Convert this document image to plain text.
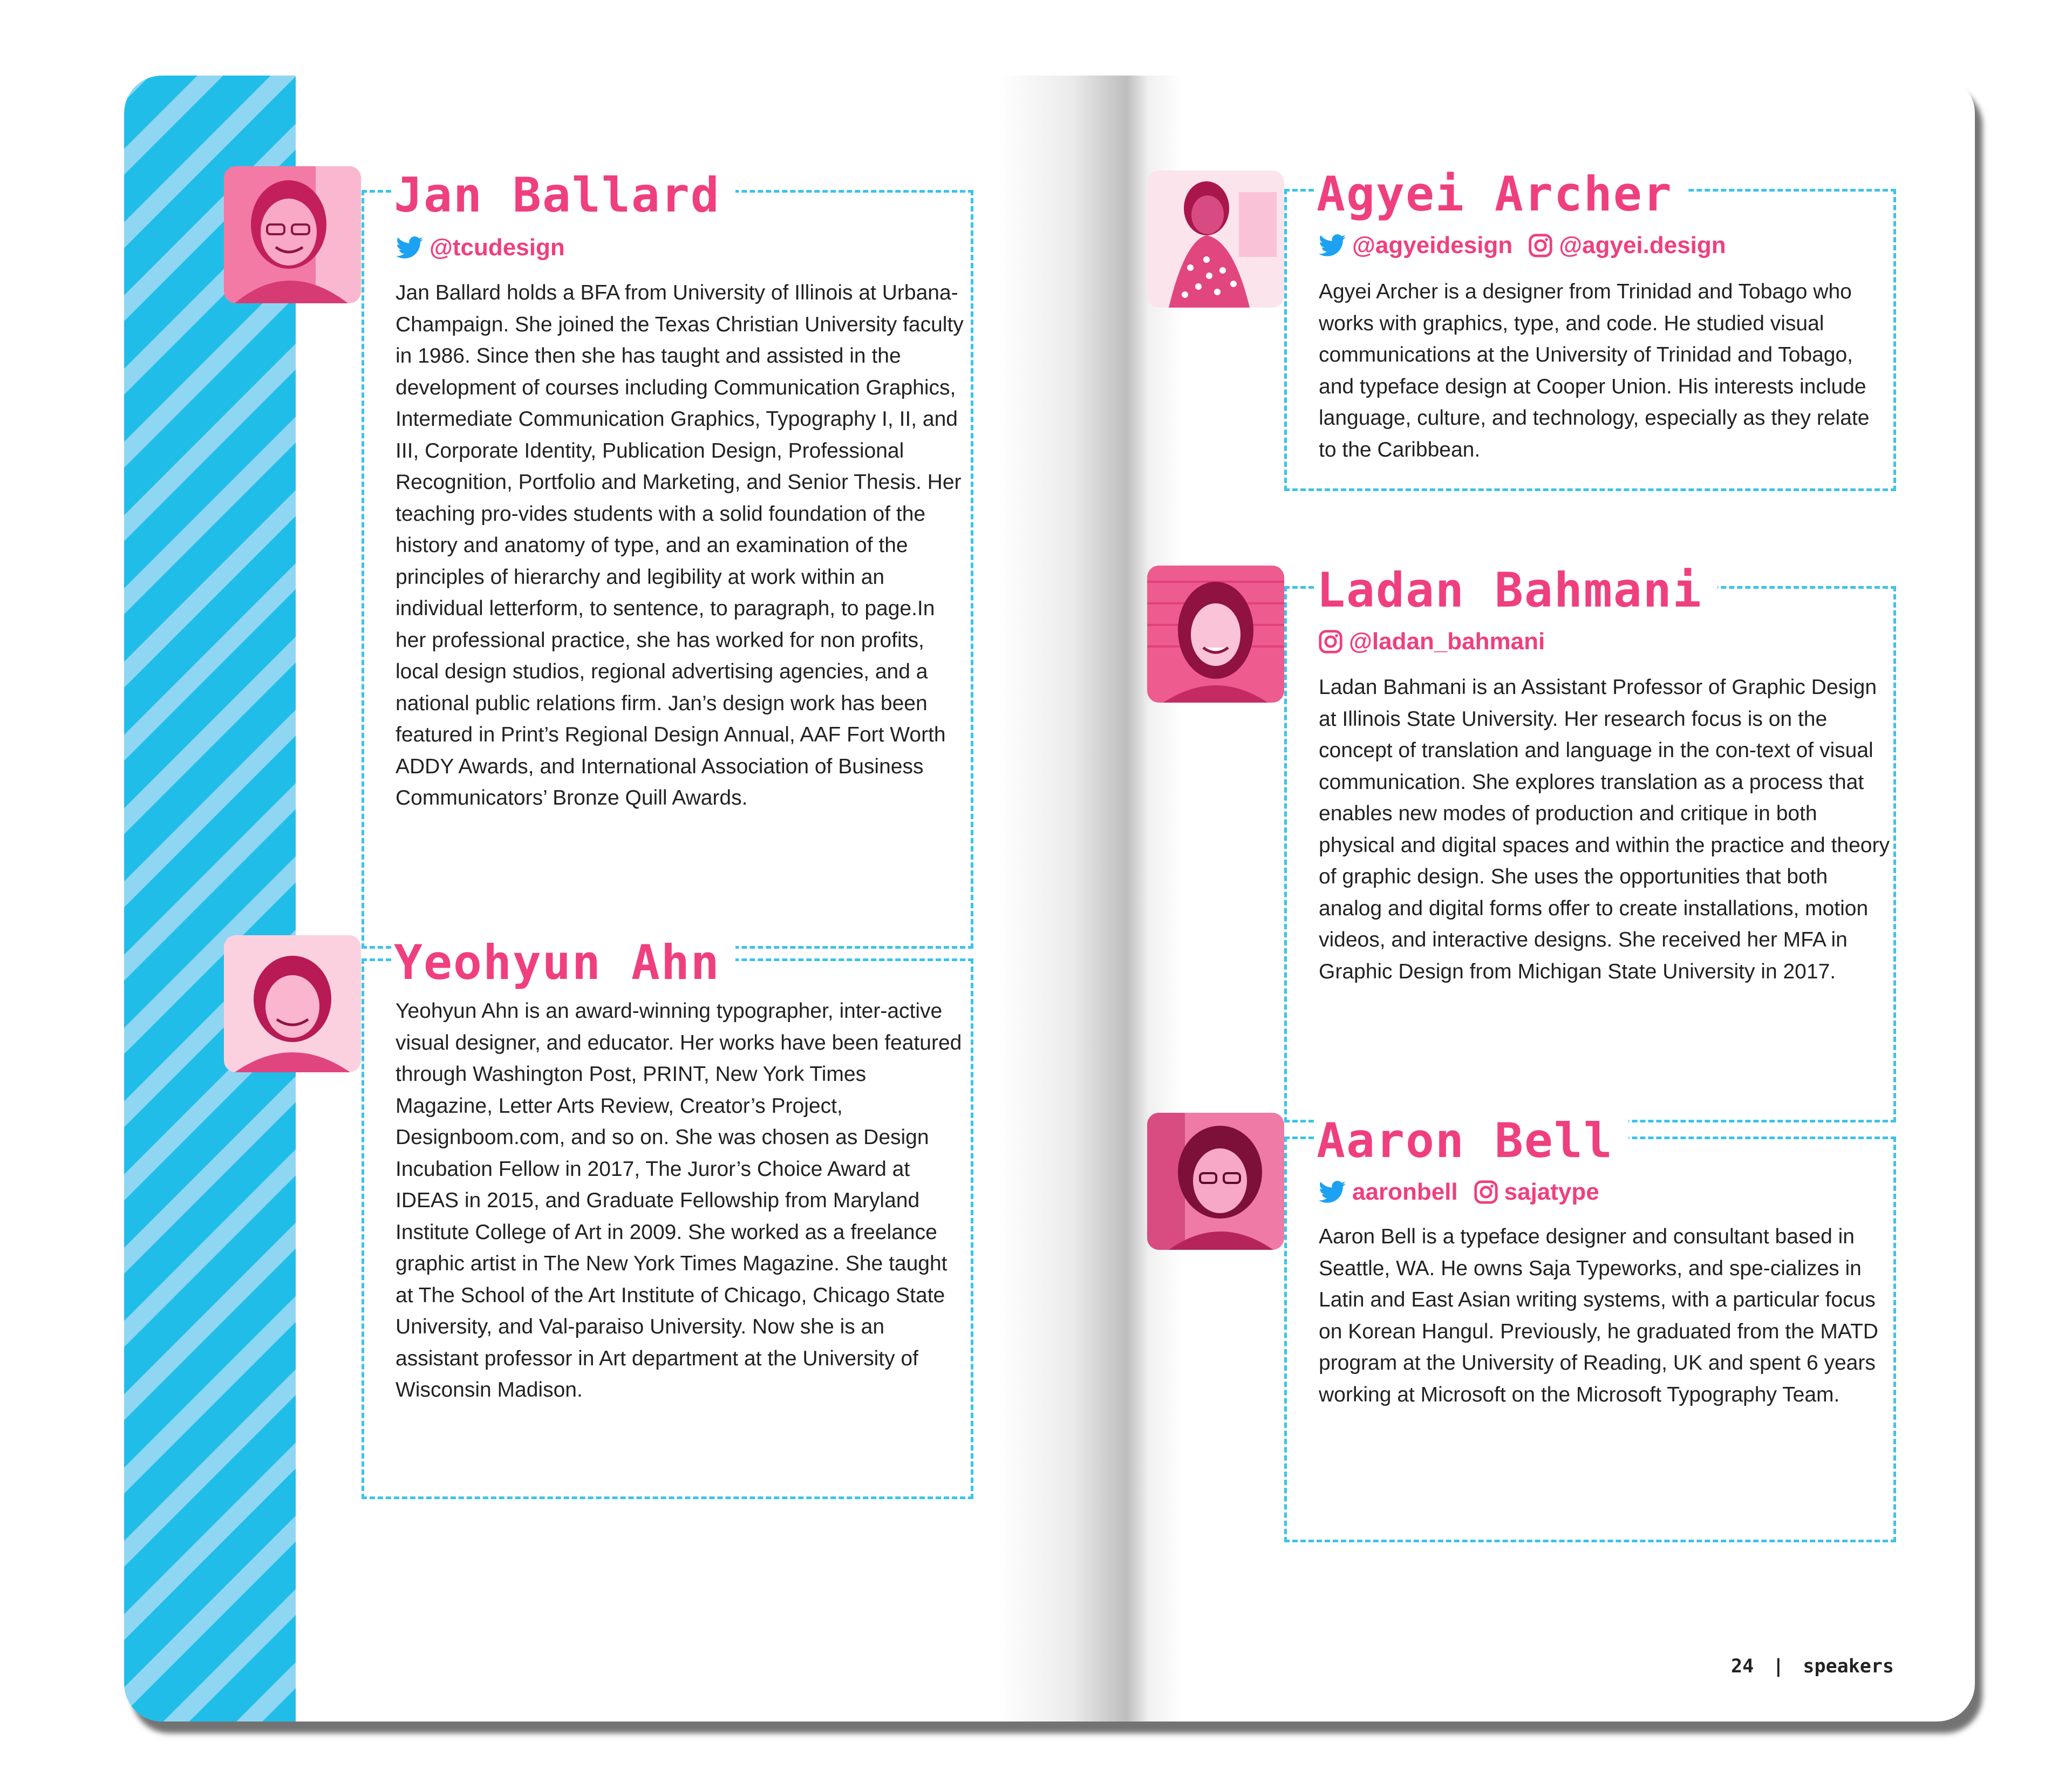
Jan Ballard
@tcudesign

Jan Ballard holds a BFA from University of Illinois at Urbana-Champaign. She joined the Texas Christian University faculty in 1986. Since then she has taught and assisted in the development of courses including Communication Graphics, Intermediate Communication Graphics, Typography I, II, and III, Corporate Identity, Publication Design, Professional Recognition, Portfolio and Marketing, and Senior Thesis. Her teaching pro-vides students with a solid foundation of the history and anatomy of type, and an examination of the principles of hierarchy and legibility at work within an individual letterform, to sentence, to paragraph, to page.In her professional practice, she has worked for non profits, local design studios, regional advertising agencies, and a national public relations firm. Jan’s design work has been featured in Print’s Regional Design Annual, AAF Fort Worth ADDY Awards, and International Association of Business Communicators’ Bronze Quill Awards.

Yeohyun Ahn

Yeohyun Ahn is an award-winning typographer, inter-active visual designer, and educator. Her works have been featured through Washington Post, PRINT, New York Times Magazine, Letter Arts Review, Creator’s Project, Designboom.com, and so on. She was chosen as Design Incubation Fellow in 2017, The Juror’s Choice Award at IDEAS in 2015, and Graduate Fellowship from Maryland Institute College of Art in 2009. She worked as a freelance graphic artist in The New York Times Magazine. She taught at The School of the Art Institute of Chicago, Chicago State University, and Val-paraiso University. Now she is an assistant professor in Art department at the University of Wisconsin Madison.

Agyei Archer
@agyeidesign @agyei.design

Agyei Archer is a designer from Trinidad and Tobago who works with graphics, type, and code. He studied visual communications at the University of Trinidad and Tobago, and typeface design at Cooper Union. His interests include language, culture, and technology, especially as they relate to the Caribbean.

Ladan Bahmani
@ladan_bahmani

Ladan Bahmani is an Assistant Professor of Graphic Design at Illinois State University. Her research focus is on the concept of translation and language in the con-text of visual communication. She explores translation as a process that enables new modes of production and critique in both physical and digital spaces and within the practice and theory of graphic design. She uses the opportunities that both analog and digital forms offer to create installations, motion videos, and interactive designs. She received her MFA in Graphic Design from Michigan State University in 2017.

Aaron Bell
aaronbell sajatype

Aaron Bell is a typeface designer and consultant based in Seattle, WA. He owns Saja Typeworks, and spe-cializes in Latin and East Asian writing systems, with a particular focus on Korean Hangul. Previously, he graduated from the MATD program at the University of Reading, UK and spent 6 years working at Microsoft on the Microsoft Typography Team.

24 | speakers
